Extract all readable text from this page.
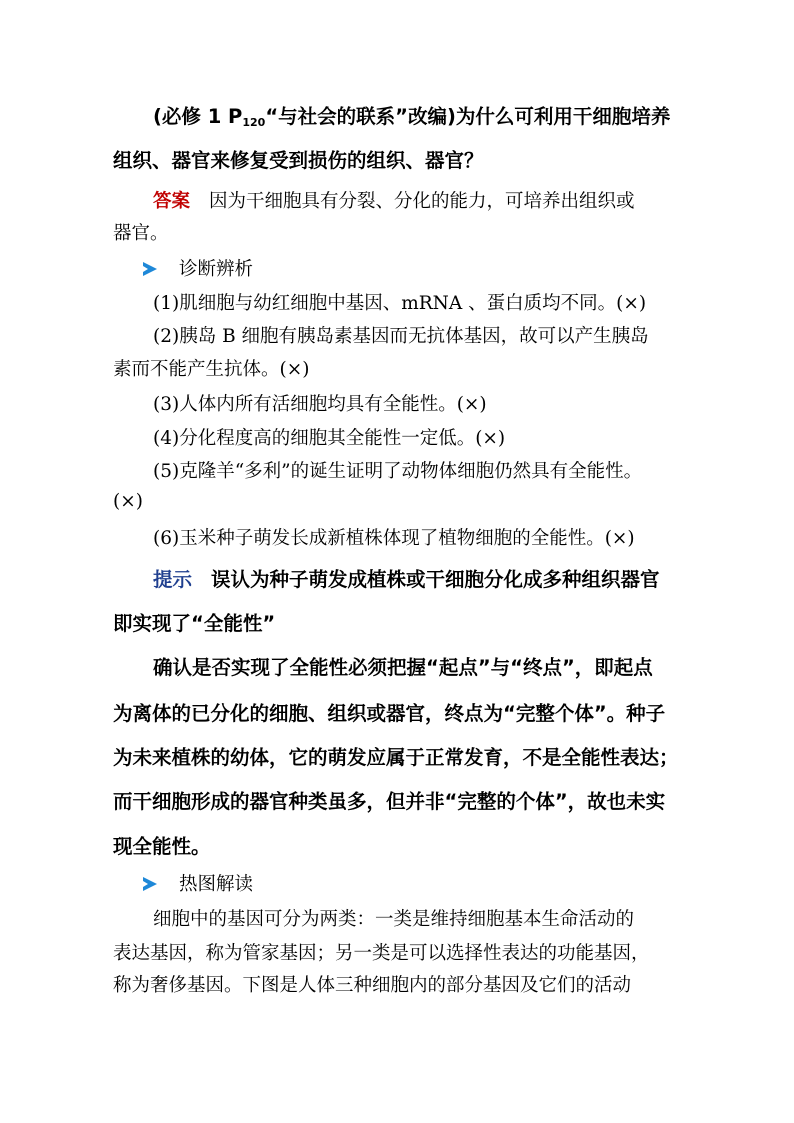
(必修 1 $P_{120}“$与社会的联系”改编)为什么可利用干细胞培养
组织、器官来修复受到损伤的组织、器官？
答案 因为干细胞具有分裂、分化的能力，可培养出组织或
器官。
诊断辨析
(1)肌细胞与幼红细胞中基因、mRNA 、蛋白质均不同。(×)
(2)胰岛 B 细胞有胰岛素基因而无抗体基因，故可以产生胰岛
素而不能产生抗体。(×)
(3)人体内所有活细胞均具有全能性。(×)
(4)分化程度高的细胞其全能性一定低。(×)
(5)克隆羊“多利”的诞生证明了动物体细胞仍然具有全能性。
(×)
(6)玉米种子萌发长成新植株体现了植物细胞的全能性。(×)
提示 误认为种子萌发成植株或干细胞分化成多种组织器官
即实现了“全能性”
确认是否实现了全能性必须把握“起点”与“终点”，即起点
为离体的已分化的细胞、组织或器官，终点为“完整个体”。种子
为未来植株的幼体，它的萌发应属于正常发育，不是全能性表达；
而干细胞形成的器官种类虽多，但并非“完整的个体”，故也未实
现全能性。
热图解读
细胞中的基因可分为两类：一类是维持细胞基本生命活动的
表达基因，称为管家基因；另一类是可以选择性表达的功能基因，
称为奢侈基因。下图是人体三种细胞内的部分基因及它们的活动
